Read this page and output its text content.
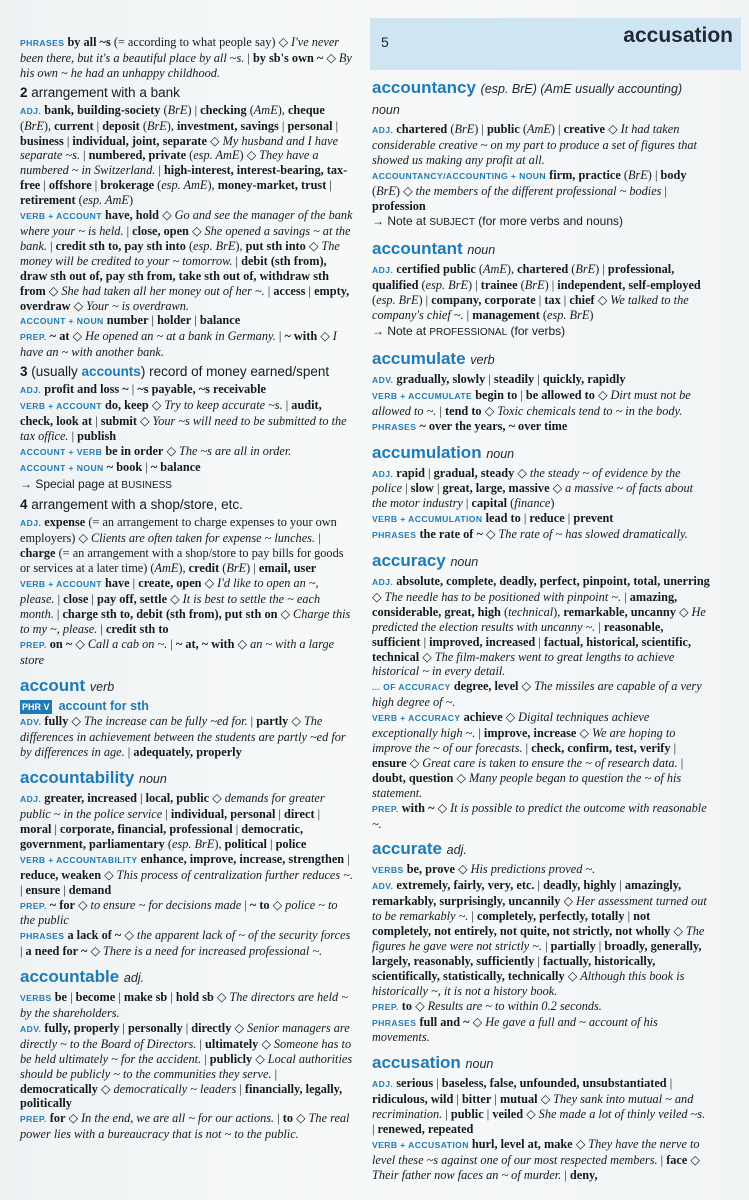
5	accusation
PHRASES by all ~s (= according to what people say) ◇ I've never been there, but it's a beautiful place by all ~s. | by sb's own ~ ◇ By his own ~ he had an unhappy childhood.
2 arrangement with a bank
ADJ. bank, building-society (BrE) | checking (AmE), cheque (BrE), current | deposit (BrE), investment, savings | personal | business | individual, joint, separate ◇ My husband and I have separate ~s. | numbered, private (esp. AmE) ◇ They have a numbered ~ in Switzerland. | high-interest, interest-bearing, tax-free | offshore | brokerage (esp. AmE), money-market, trust | retirement (esp. AmE)
VERB + ACCOUNT have, hold ◇ Go and see the manager of the bank where your ~ is held. | close, open ◇ She opened a savings ~ at the bank. | credit sth to, pay sth into (esp. BrE), put sth into ◇ The money will be credited to your ~ tomorrow. | debit (sth from), draw sth out of, pay sth from, take sth out of, withdraw sth from ◇ She had taken all her money out of her ~. | access | empty, overdraw ◇ Your ~ is overdrawn.
ACCOUNT + NOUN number | holder | balance
PREP. ~ at ◇ He opened an ~ at a bank in Germany. | ~ with ◇ I have an ~ with another bank.
3 (usually accounts) record of money earned/spent
ADJ. profit and loss ~ | ~s payable, ~s receivable
VERB + ACCOUNT do, keep ◇ Try to keep accurate ~s. | audit, check, look at | submit ◇ Your ~s will need to be submitted to the tax office. | publish
ACCOUNT + VERB be in order ◇ The ~s are all in order.
ACCOUNT + NOUN ~ book | ~ balance
→ Special page at BUSINESS
4 arrangement with a shop/store, etc.
ADJ. expense (= an arrangement to charge expenses to your own employers) ◇ Clients are often taken for expense ~ lunches. | charge (= an arrangement with a shop/store to pay bills for goods or services at a later time) (AmE), credit (BrE) | email, user
VERB + ACCOUNT have | create, open ◇ I'd like to open an ~, please. | close | pay off, settle ◇ It is best to settle the ~ each month. | charge sth to, debit (sth from), put sth on ◇ Charge this to my ~, please. | credit sth to
PREP. on ~ ◇ Call a cab on ~. | ~ at, ~ with ◇ an ~ with a large store
account verb
PHR V account for sth
ADV. fully ◇ The increase can be fully ~ed for. | partly ◇ The differences in achievement between the students are partly ~ed for by differences in age. | adequately, properly
accountability noun
ADJ. greater, increased | local, public ◇ demands for greater public ~ in the police service | individual, personal | direct | moral | corporate, financial, professional | democratic, government, parliamentary (esp. BrE), political | police
VERB + ACCOUNTABILITY enhance, improve, increase, strengthen | reduce, weaken ◇ This process of centralization further reduces ~. | ensure | demand
PREP. ~ for ◇ to ensure ~ for decisions made | ~ to ◇ police ~ to the public
PHRASES a lack of ~ ◇ the apparent lack of ~ of the security forces | a need for ~ ◇ There is a need for increased professional ~.
accountable adj.
VERBS be | become | make sb | hold sb ◇ The directors are held ~ by the shareholders.
ADV. fully, properly | personally | directly ◇ Senior managers are directly ~ to the Board of Directors. | ultimately ◇ Someone has to be held ultimately ~ for the accident. | publicly ◇ Local authorities should be publicly ~ to the communities they serve. | democratically ◇ democratically ~ leaders | financially, legally, politically
PREP. for ◇ In the end, we are all ~ for our actions. | to ◇ The real power lies with a bureaucracy that is not ~ to the public.
accountancy (esp. BrE) (AmE usually accounting) noun
ADJ. chartered (BrE) | public (AmE) | creative ◇ It had taken considerable creative ~ on my part to produce a set of figures that showed us making any profit at all.
ACCOUNTANCY/ACCOUNTING + NOUN firm, practice (BrE) | body (BrE) ◇ the members of the different professional ~ bodies | profession
→ Note at SUBJECT (for more verbs and nouns)
accountant noun
ADJ. certified public (AmE), chartered (BrE) | professional, qualified (esp. BrE) | trainee (BrE) | independent, self-employed (esp. BrE) | company, corporate | tax | chief ◇ We talked to the company's chief ~. | management (esp. BrE)
→ Note at PROFESSIONAL (for verbs)
accumulate verb
ADV. gradually, slowly | steadily | quickly, rapidly
VERB + ACCUMULATE begin to | be allowed to ◇ Dirt must not be allowed to ~. | tend to ◇ Toxic chemicals tend to ~ in the body.
PHRASES ~ over the years, ~ over time
accumulation noun
ADJ. rapid | gradual, steady ◇ the steady ~ of evidence by the police | slow | great, large, massive ◇ a massive ~ of facts about the motor industry | capital (finance)
VERB + ACCUMULATION lead to | reduce | prevent
PHRASES the rate of ~ ◇ The rate of ~ has slowed dramatically.
accuracy noun
ADJ. absolute, complete, deadly, perfect, pinpoint, total, unerring ◇ The needle has to be positioned with pinpoint ~. | amazing, considerable, great, high (technical), remarkable, uncanny ◇ He predicted the election results with uncanny ~. | reasonable, sufficient | improved, increased | factual, historical, scientific, technical ◇ The film-makers went to great lengths to achieve historical ~ in every detail.
... OF ACCURACY degree, level ◇ The missiles are capable of a very high degree of ~.
VERB + ACCURACY achieve ◇ Digital techniques achieve exceptionally high ~. | improve, increase ◇ We are hoping to improve the ~ of our forecasts. | check, confirm, test, verify | ensure ◇ Great care is taken to ensure the ~ of research data. | doubt, question ◇ Many people began to question the ~ of his statement.
PREP. with ~ ◇ It is possible to predict the outcome with reasonable ~.
accurate adj.
VERBS be, prove ◇ His predictions proved ~.
ADV. extremely, fairly, very, etc. | deadly, highly | amazingly, remarkably, surprisingly, uncannily ◇ Her assessment turned out to be remarkably ~. | completely, perfectly, totally | not completely, not entirely, not quite, not strictly, not wholly ◇ The figures he gave were not strictly ~. | partially | broadly, generally, largely, reasonably, sufficiently | factually, historically, scientifically, statistically, technically ◇ Although this book is historically ~, it is not a history book.
PREP. to ◇ Results are ~ to within 0.2 seconds.
PHRASES full and ~ ◇ He gave a full and ~ account of his movements.
accusation noun
ADJ. serious | baseless, false, unfounded, unsubstantiated | ridiculous, wild | bitter | mutual ◇ They sank into mutual ~ and recrimination. | public | veiled ◇ She made a lot of thinly veiled ~s. | renewed, repeated
VERB + ACCUSATION hurl, level at, make ◇ They have the nerve to level these ~s against one of our most respected members. | face ◇ Their father now faces an ~ of murder. | deny,
